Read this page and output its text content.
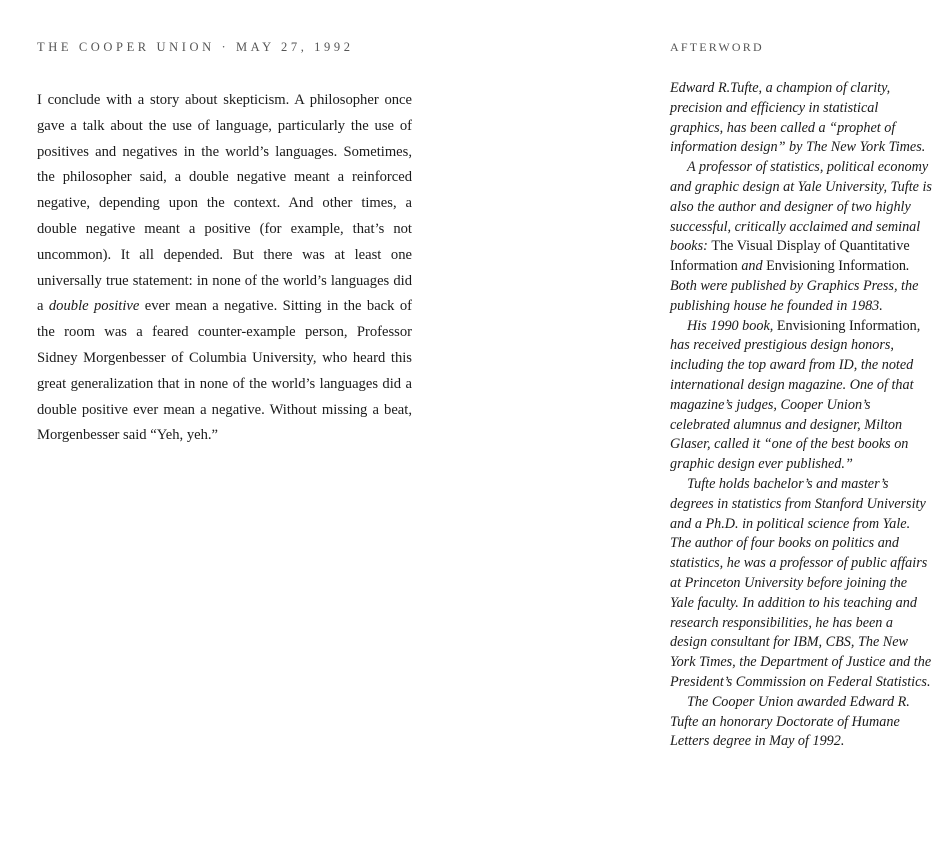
THE COOPER UNION · MAY 27, 1992	AFTERWORD

I conclude with a story about skepticism. A philosopher once gave a talk about the use of language, particularly the use of positives and negatives in the world’s languages. Sometimes, the philosopher said, a double negative meant a reinforced negative, depending upon the context. And other times, a double negative meant a positive (for example, that’s not uncommon). It all depended. But there was at least one universally true statement: in none of the world’s languages did a double positive ever mean a negative. Sitting in the back of the room was a feared counter-example person, Professor Sidney Morgenbesser of Columbia University, who heard this great generalization that in none of the world’s languages did a double positive ever mean a negative. Without missing a beat, Morgenbesser said “Yeh, yeh.”

Edward R.Tufte, a champion of clarity, precision and efficiency in statistical graphics, has been called a “prophet of information design” by The New York Times.

A professor of statistics, political economy and graphic design at Yale University, Tufte is also the author and designer of two highly successful, critically acclaimed and seminal books: The Visual Display of Quantitative Information and Envisioning Information. Both were published by Graphics Press, the publishing house he founded in 1983.

His 1990 book, Envisioning Information, has received prestigious design honors, including the top award from ID, the noted international design magazine. One of that magazine’s judges, Cooper Union’s celebrated alumnus and designer, Milton Glaser, called it “one of the best books on graphic design ever published.”

Tufte holds bachelor’s and master’s degrees in statistics from Stanford University and a Ph.D. in political science from Yale. The author of four books on politics and statistics, he was a professor of public affairs at Princeton University before joining the Yale faculty. In addition to his teaching and research responsibilities, he has been a design consultant for IBM, CBS, The New York Times, the Department of Justice and the President’s Commission on Federal Statistics.

The Cooper Union awarded Edward R. Tufte an honorary Doctorate of Humane Letters degree in May of 1992.
